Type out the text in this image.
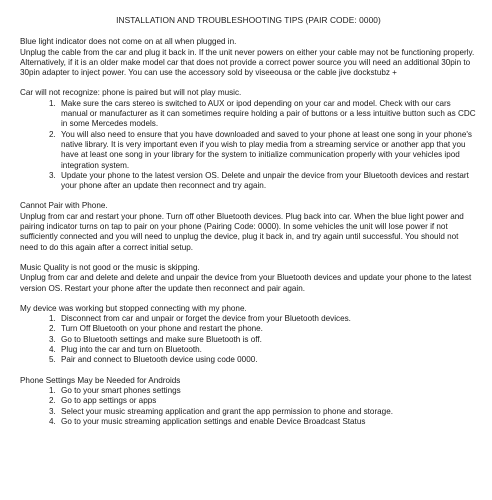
INSTALLATION AND TROUBLESHOOTING TIPS (PAIR CODE: 0000)

Blue light indicator does not come on at all when plugged in.

Unplug the cable from the car and plug it back in. If the unit never powers on either your cable may not be functioning properly. Alternatively, if it is an older make model car that does not provide a correct power source you will need an additional 30pin to 30pin adapter to inject power. You can use the accessory sold by viseeousa or the cable jive dockstubz +

Car will not recognize: phone is paired but will not play music.

1. Make sure the cars stereo is switched to AUX or ipod depending on your car and model. Check with our cars manual or manufacturer as it can sometimes require holding a pair of buttons or a less intuitive button such as CDC in some Mercedes models.
2. You will also need to ensure that you have downloaded and saved to your phone at least one song in your phone's native library. It is very important even if you wish to play media from a streaming service or another app that you have at least one song in your library for the system to initialize communication properly with your vehicles ipod integration system.
3. Update your phone to the latest version OS. Delete and unpair the device from your Bluetooth devices and restart your phone after an update then reconnect and try again.

Cannot Pair with Phone.

Unplug from car and restart your phone. Turn off other Bluetooth devices. Plug back into car. When the blue light power and pairing indicator turns on tap to pair on your phone (Pairing Code: 0000). In some vehicles the unit will lose power if not sufficiently connected and you will need to unplug the device, plug it back in, and try again until successful. You should not need to do this again after a correct initial setup.

Music Quality is not good or the music is skipping.

Unplug from car and delete and delete and unpair the device from your Bluetooth devices and update your phone to the latest version OS. Restart your phone after the update then reconnect and pair again.

My device was working but stopped connecting with my phone.

1. Disconnect from car and unpair or forget the device from your Bluetooth devices.
2. Turn Off Bluetooth on your phone and restart the phone.
3. Go to Bluetooth settings and make sure Bluetooth is off.
4. Plug into the car and turn on Bluetooth.
5. Pair and connect to Bluetooth device using code 0000.

Phone Settings May be Needed for Androids

1. Go to your smart phones settings
2. Go to app settings or apps
3. Select your music streaming application and grant the app permission to phone and storage.
4. Go to your music streaming application settings and enable Device Broadcast Status
